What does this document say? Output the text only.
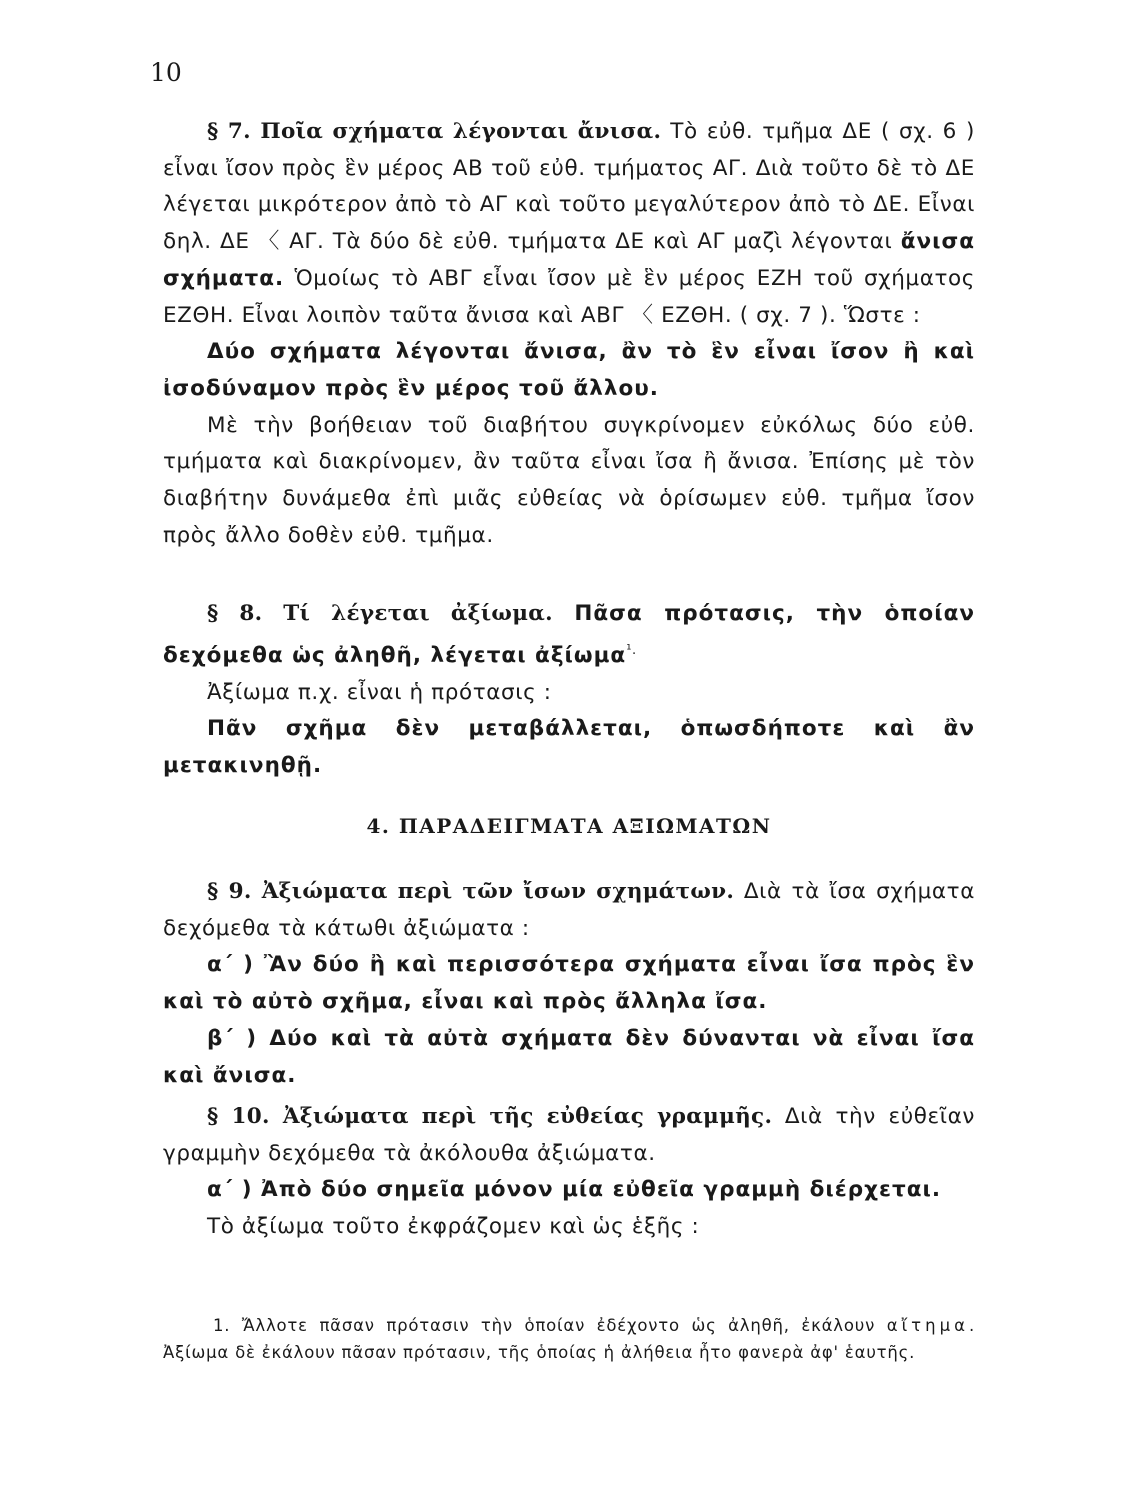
10

§ 7. Ποῖα σχήματα λέγονται ἄνισα. Τὸ εὐθ. τμῆμα ΔΕ ( σχ. 6 ) εἶναι ἴσον πρὸς ἓν μέρος ΑΒ τοῦ εὐθ. τμήματος ΑΓ. Διὰ τοῦτο δὲ τὸ ΔΕ λέγεται μικρότερον ἀπὸ τὸ ΑΓ καὶ τοῦτο μεγαλύτερον ἀπὸ τὸ ΔΕ. Εἶναι δηλ. ΔΕ 〈 ΑΓ. Τὰ δύο δὲ εὐθ. τμήματα ΔΕ καὶ ΑΓ μαζὶ λέγονται ἄνισα σχήματα. Ὁμοίως τὸ ΑΒΓ εἶναι ἴσον μὲ ἓν μέρος ΕΖΗ τοῦ σχήματος ΕΖΘΗ. Εἶναι λοιπὸν ταῦτα ἄνισα καὶ ΑΒΓ 〈 ΕΖΘΗ. ( σχ. 7 ). Ὥστε :

Δύο σχήματα λέγονται ἄνισα, ἂν τὸ ἓν εἶναι ἴσον ἢ καὶ ἰσοδύναμον πρὸς ἓν μέρος τοῦ ἄλλου.

Μὲ τὴν βοήθειαν τοῦ διαβήτου συγκρίνομεν εὐκόλως δύο εὐθ. τμήματα καὶ διακρίνομεν, ἂν ταῦτα εἶναι ἴσα ἢ ἄνισα. Ἐπίσης μὲ τὸν διαβήτην δυνάμεθα ἐπὶ μιᾶς εὐθείας νὰ ὁρίσωμεν εὐθ. τμῆμα ἴσον πρὸς ἄλλο δοθὲν εὐθ. τμῆμα.

§ 8. Τί λέγεται ἀξίωμα. Πᾶσα πρότασις, τὴν ὁποίαν δεχόμεθα ὡς ἀληθῆ, λέγεται ἀξίωμα$^{^1.}$

Ἀξίωμα π.χ. εἶναι ἡ πρότασις :

Πᾶν σχῆμα δὲν μεταβάλλεται, ὁπωσδήποτε καὶ ἂν μετακινηθῇ.

4. ΠΑΡΑΔΕΙΓΜΑΤΑ ΑΞΙΩΜΑΤΩΝ

§ 9. Ἀξιώματα περὶ τῶν ἴσων σχημάτων. Διὰ τὰ ἴσα σχήματα δεχόμεθα τὰ κάτωθι ἀξιώματα :

α΄ ) Ἂν δύο ἢ καὶ περισσότερα σχήματα εἶναι ἴσα πρὸς ἓν καὶ τὸ αὐτὸ σχῆμα, εἶναι καὶ πρὸς ἄλληλα ἴσα.

β΄ ) Δύο καὶ τὰ αὐτὰ σχήματα δὲν δύνανται νὰ εἶναι ἴσα καὶ ἄνισα.

§ 10. Ἀξιώματα περὶ τῆς εὐθείας γραμμῆς. Διὰ τὴν εὐθεῖαν γραμμὴν δεχόμεθα τὰ ἀκόλουθα ἀξιώματα.

α΄ ) Ἀπὸ δύο σημεῖα μόνον μία εὐθεῖα γραμμὴ διέρχεται.

Τὸ ἀξίωμα τοῦτο ἐκφράζομεν καὶ ὡς ἑξῆς :

1. Ἄλλοτε πᾶσαν πρότασιν τὴν ὁποίαν ἐδέχοντο ὡς ἀληθῆ, ἐκάλουν αἴτημα. Ἀξίωμα δὲ ἐκάλουν πᾶσαν πρότασιν, τῆς ὁποίας ἡ ἀλήθεια ἦτο φανερὰ ἀφ' ἑαυτῆς.
